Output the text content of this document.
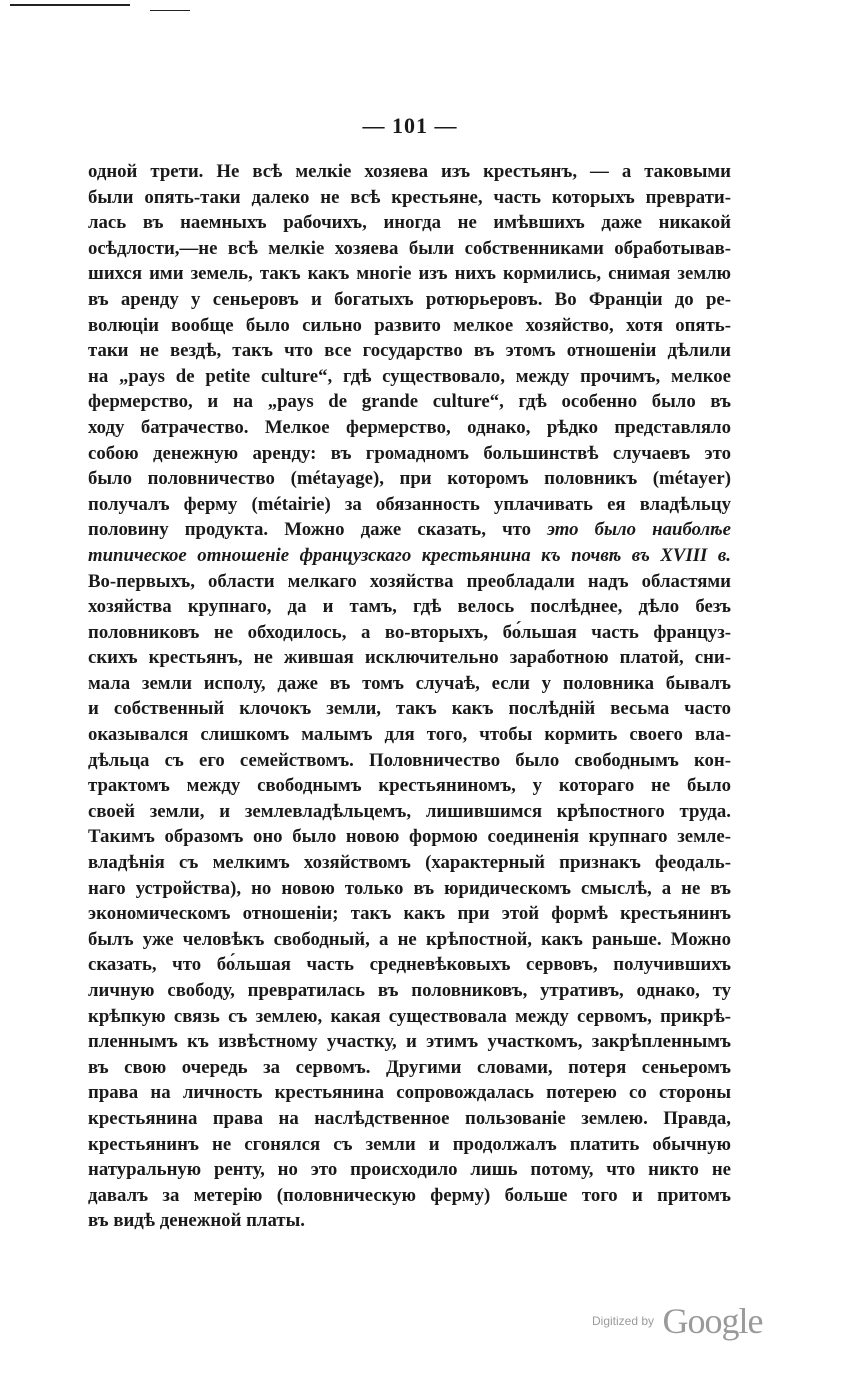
— 101 —
одной трети. Не всѣ мелкіе хозяева изъ крестьянъ, — а таковыми
были опять-таки далеко не всѣ крестьяне, часть которыхъ преврати-
лась въ наемныхъ рабочихъ, иногда не имѣвшихъ даже никакой
осѣдлости,—не всѣ мелкіе хозяева были собственниками обработывав-
шихся ими земель, такъ какъ многіе изъ нихъ кормились, снимая землю
въ аренду у сеньеровъ и богатыхъ ротюрьеровъ. Во Франціи до ре-
волюціи вообще было сильно развито мелкое хозяйство, хотя опять-
таки не вездѣ, такъ что все государство въ этомъ отношеніи дѣлили
на „pays de petite culture“, гдѣ существовало, между прочимъ, мелкое
фермерство, и на „pays de grande culture“, гдѣ особенно было въ
ходу батрачество. Мелкое фермерство, однако, рѣдко представляло
собою денежную аренду: въ громадномъ большинствѣ случаевъ это
было половничество (métayage), при которомъ половникъ (métayer)
получалъ ферму (métairie) за обязанность уплачивать ея владѣльцу
половину продукта. Можно даже сказать, что это было наиболѣе
типическое отношеніе французскаго крестьянина къ почвѣ въ XVIII в.
Во-первыхъ, области мелкаго хозяйства преобладали надъ областями
хозяйства крупнаго, да и тамъ, гдѣ велось послѣднее, дѣло безъ
половниковъ не обходилось, а во-вторыхъ, бо́льшая часть француз-
скихъ крестьянъ, не жившая исключительно заработною платой, сни-
мала земли исполу, даже въ томъ случаѣ, если у половника бывалъ
и собственный клочокъ земли, такъ какъ послѣдній весьма часто
оказывался слишкомъ малымъ для того, чтобы кормить своего вла-
дѣльца съ его семействомъ. Половничество было свободнымъ кон-
трактомъ между свободнымъ крестьяниномъ, у котораго не было
своей земли, и землевладѣльцемъ, лишившимся крѣпостного труда.
Такимъ образомъ оно было новою формою соединенія крупнаго земле-
владѣнія съ мелкимъ хозяйствомъ (характерный признакъ феодаль-
наго устройства), но новою только въ юридическомъ смыслѣ, а не въ
экономическомъ отношеніи; такъ какъ при этой формѣ крестьянинъ
былъ уже человѣкъ свободный, а не крѣпостной, какъ раньше. Можно
сказать, что бо́льшая часть средневѣковыхъ сервовъ, получившихъ
личную свободу, превратилась въ половниковъ, утративъ, однако, ту
крѣпкую связь съ землею, какая существовала между сервомъ, прикрѣ-
пленнымъ къ извѣстному участку, и этимъ участкомъ, закрѣпленнымъ
въ свою очередь за сервомъ. Другими словами, потеря сеньеромъ
права на личность крестьянина сопровождалась потерею со стороны
крестьянина права на наслѣдственное пользованіе землею. Правда,
крестьянинъ не сгонялся съ земли и продолжалъ платить обычную
натуральную ренту, но это происходило лишь потому, что никто не
давалъ за метерію (половническую ферму) больше того и притомъ
въ видѣ денежной платы.
Digitized by Google
